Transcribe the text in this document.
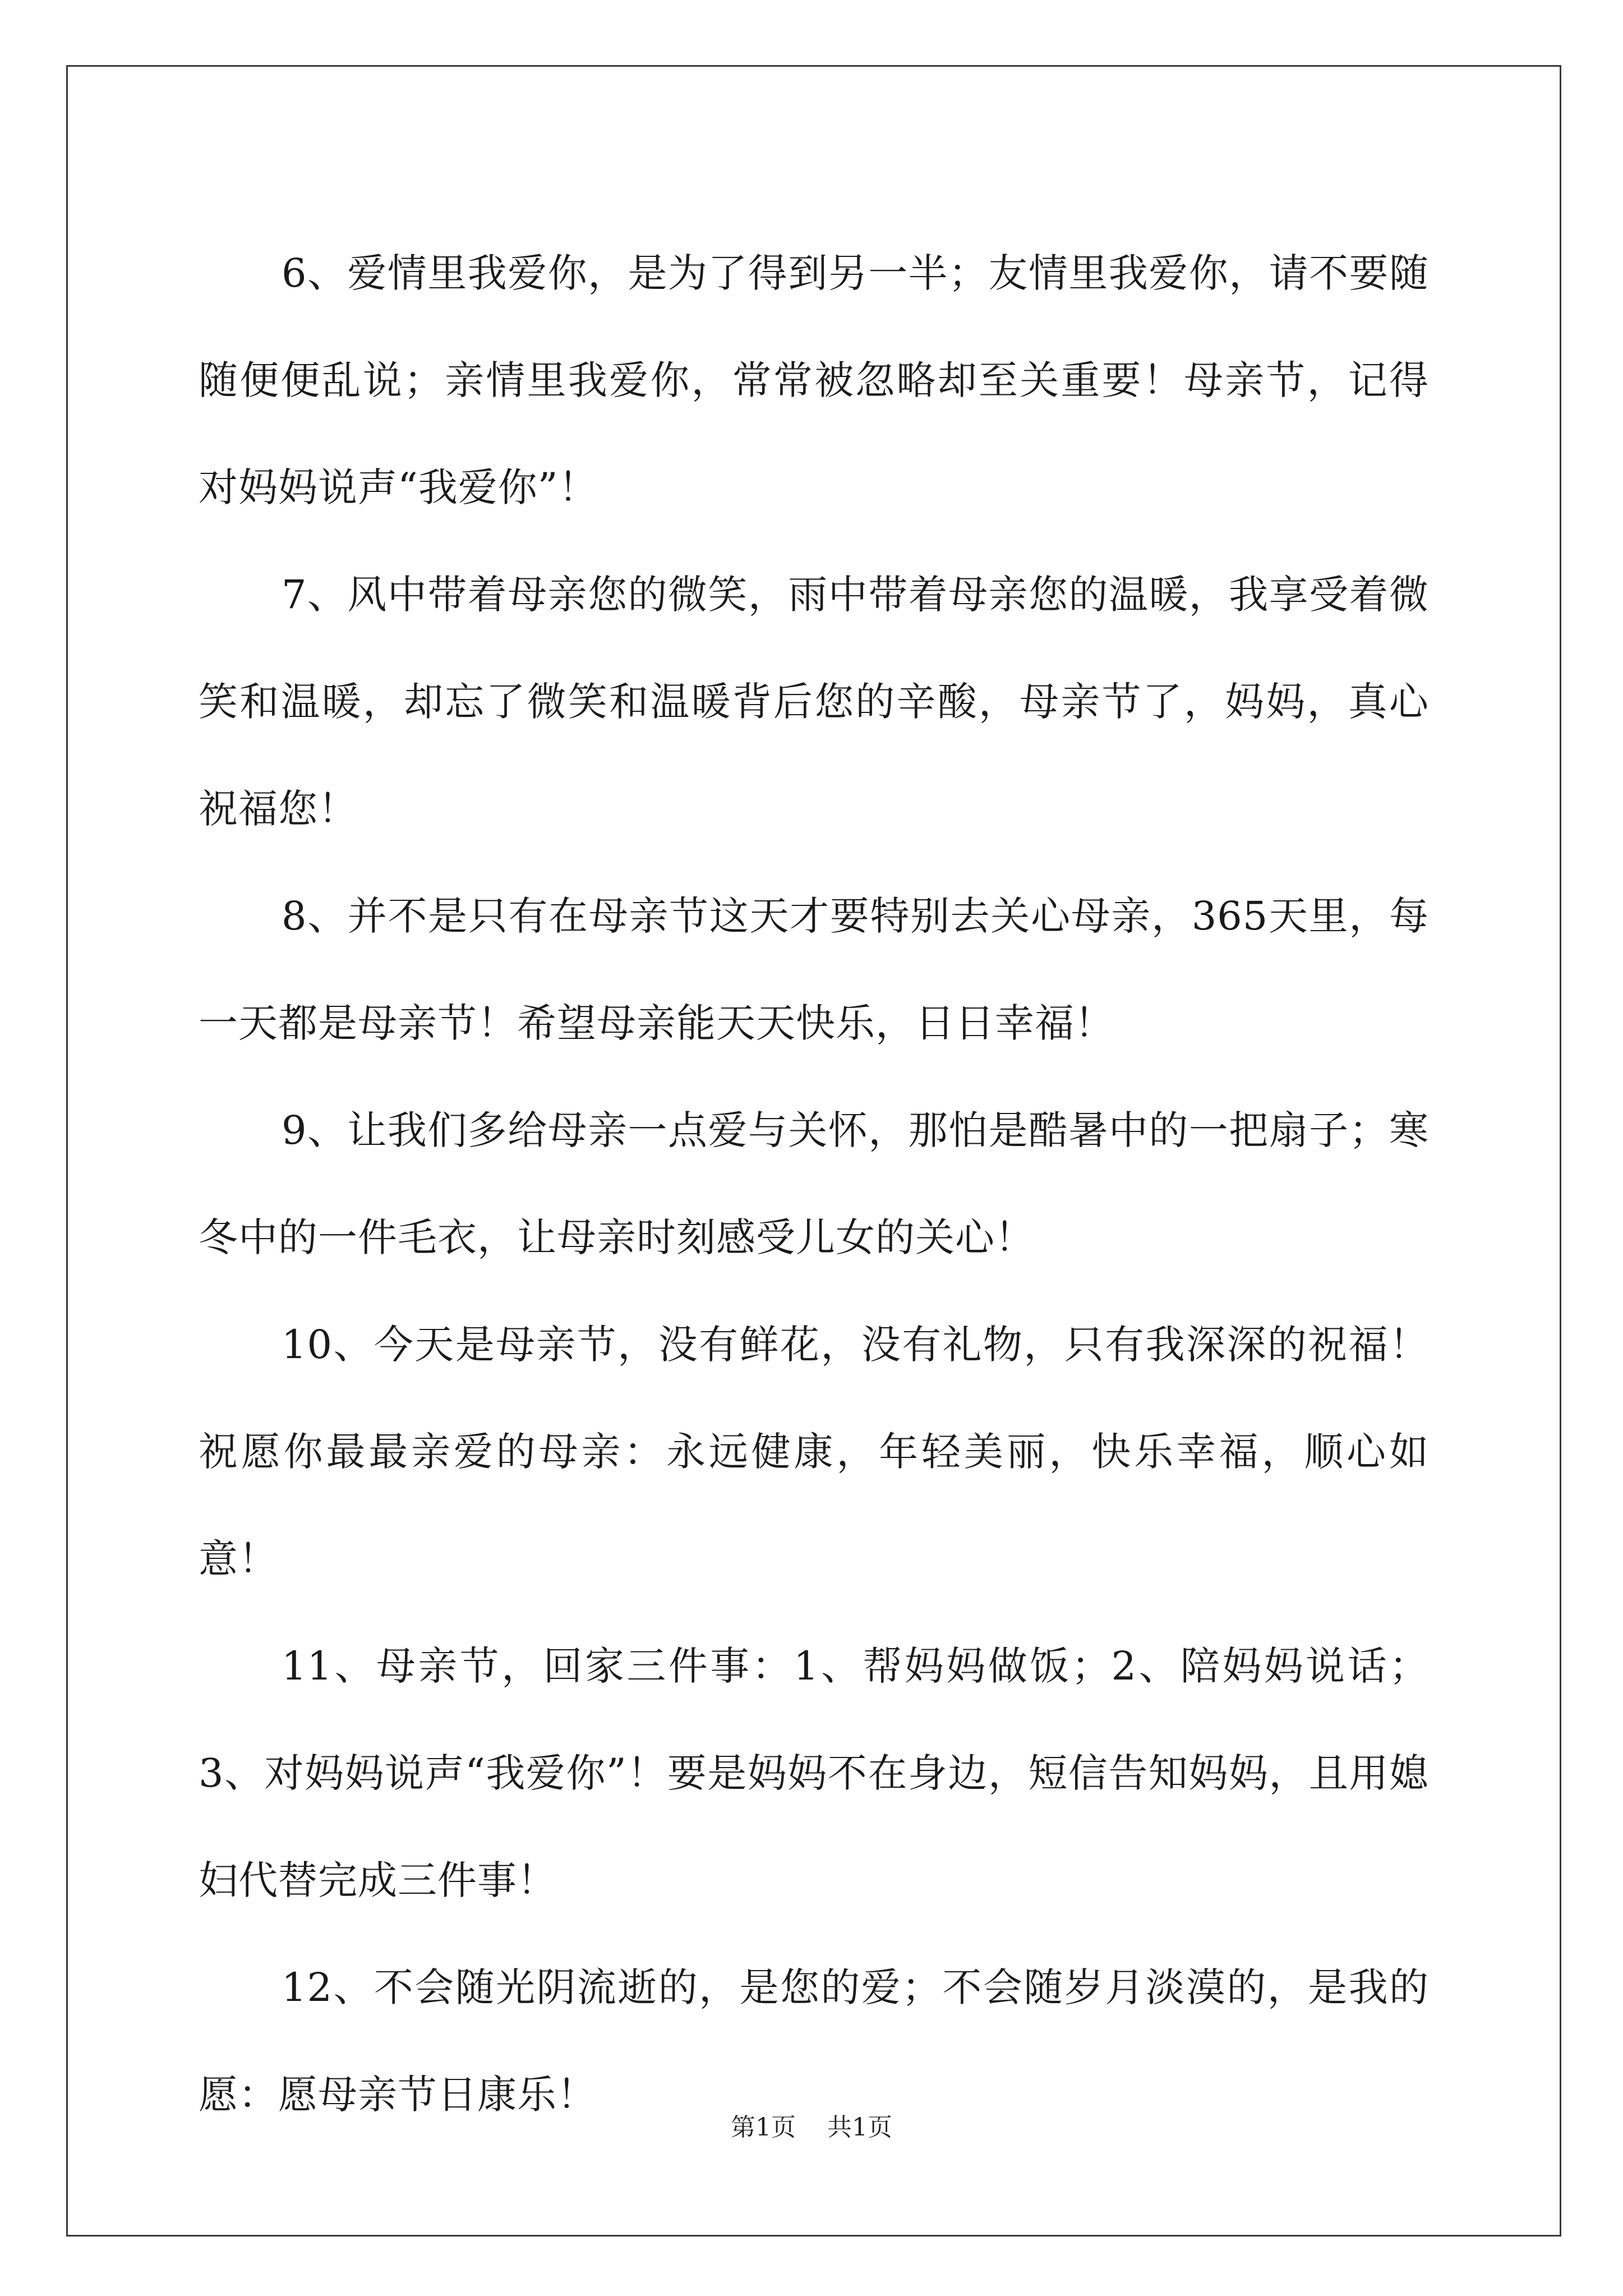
6、爱情里我爱你，是为了得到另一半；友情里我爱你，请不要随随便便乱说；亲情里我爱你，常常被忽略却至关重要！母亲节，记得对妈妈说声“我爱你”！

7、风中带着母亲您的微笑，雨中带着母亲您的温暖，我享受着微笑和温暖，却忘了微笑和温暖背后您的辛酸，母亲节了，妈妈，真心祝福您！

8、并不是只有在母亲节这天才要特别去关心母亲，365天里，每一天都是母亲节！希望母亲能天天快乐，日日幸福！

9、让我们多给母亲一点爱与关怀，那怕是酷暑中的一把扇子；寒冬中的一件毛衣，让母亲时刻感受儿女的关心！

10、今天是母亲节，没有鲜花，没有礼物，只有我深深的祝福！祝愿你最最亲爱的母亲：永远健康，年轻美丽，快乐幸福，顺心如意！

11、母亲节，回家三件事：1、帮妈妈做饭；2、陪妈妈说话；3、对妈妈说声“我爱你”！要是妈妈不在身边，短信告知妈妈，且用媳妇代替完成三件事！

12、不会随光阴流逝的，是您的爱；不会随岁月淡漠的，是我的愿：愿母亲节日康乐！

第1页 共1页
